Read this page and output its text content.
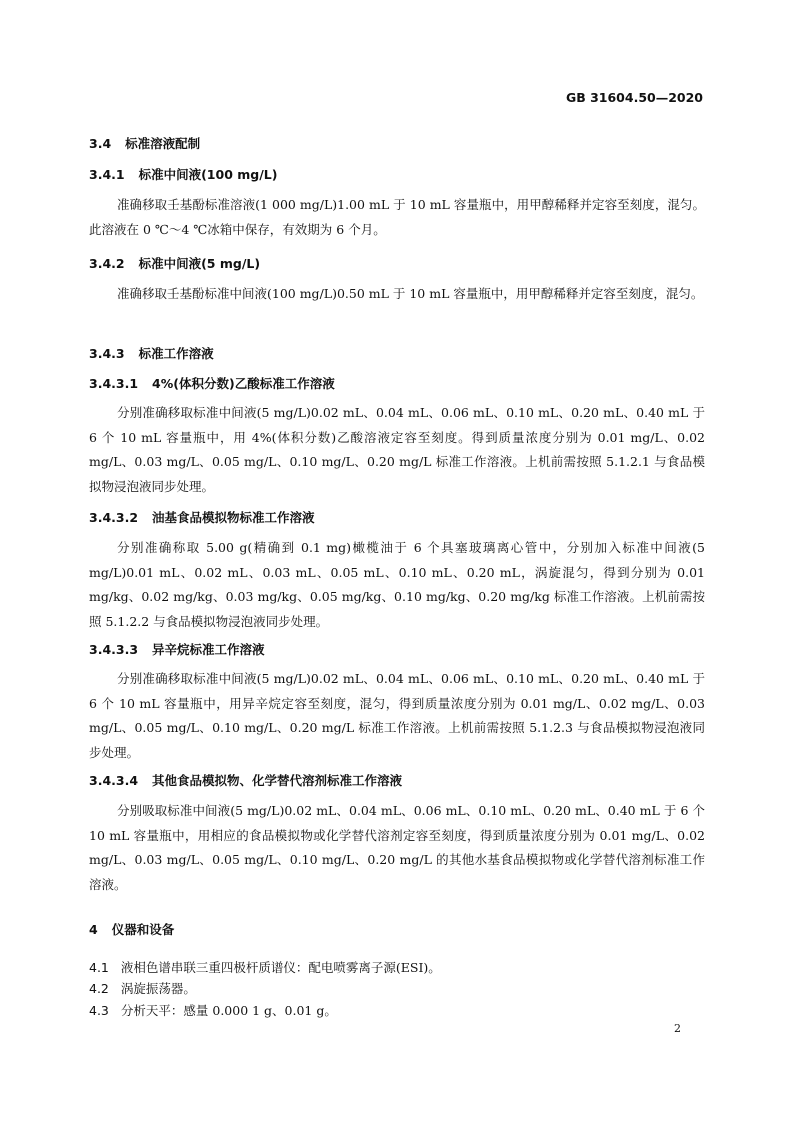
GB 31604.50—2020
3.4 标准溶液配制
3.4.1 标准中间液(100 mg/L)
准确移取壬基酚标准溶液(1 000 mg/L)1.00 mL 于 10 mL 容量瓶中，用甲醇稀释并定容至刻度，混匀。此溶液在 0 ℃～4 ℃冰箱中保存，有效期为 6 个月。
3.4.2 标准中间液(5 mg/L)
准确移取壬基酚标准中间液(100 mg/L)0.50 mL 于 10 mL 容量瓶中，用甲醇稀释并定容至刻度，混匀。
3.4.3 标准工作溶液
3.4.3.1 4%(体积分数)乙酸标准工作溶液
分别准确移取标准中间液(5 mg/L)0.02 mL、0.04 mL、0.06 mL、0.10 mL、0.20 mL、0.40 mL 于 6 个 10 mL 容量瓶中，用 4%(体积分数)乙酸溶液定容至刻度。得到质量浓度分别为 0.01 mg/L、0.02 mg/L、0.03 mg/L、0.05 mg/L、0.10 mg/L、0.20 mg/L 标准工作溶液。上机前需按照 5.1.2.1 与食品模拟物浸泡液同步处理。
3.4.3.2 油基食品模拟物标准工作溶液
分别准确称取 5.00 g(精确到 0.1 mg)橄榄油于 6 个具塞玻璃离心管中，分别加入标准中间液(5 mg/L)0.01 mL、0.02 mL、0.03 mL、0.05 mL、0.10 mL、0.20 mL，涡旋混匀，得到分别为 0.01 mg/kg、0.02 mg/kg、0.03 mg/kg、0.05 mg/kg、0.10 mg/kg、0.20 mg/kg 标准工作溶液。上机前需按照 5.1.2.2 与食品模拟物浸泡液同步处理。
3.4.3.3 异辛烷标准工作溶液
分别准确移取标准中间液(5 mg/L)0.02 mL、0.04 mL、0.06 mL、0.10 mL、0.20 mL、0.40 mL 于 6 个 10 mL 容量瓶中，用异辛烷定容至刻度，混匀，得到质量浓度分别为 0.01 mg/L、0.02 mg/L、0.03 mg/L、0.05 mg/L、0.10 mg/L、0.20 mg/L 标准工作溶液。上机前需按照 5.1.2.3 与食品模拟物浸泡液同步处理。
3.4.3.4 其他食品模拟物、化学替代溶剂标准工作溶液
分别吸取标准中间液(5 mg/L)0.02 mL、0.04 mL、0.06 mL、0.10 mL、0.20 mL、0.40 mL 于 6 个 10 mL 容量瓶中，用相应的食品模拟物或化学替代溶剂定容至刻度，得到质量浓度分别为 0.01 mg/L、0.02 mg/L、0.03 mg/L、0.05 mg/L、0.10 mg/L、0.20 mg/L 的其他水基食品模拟物或化学替代溶剂标准工作溶液。
4 仪器和设备
4.1 液相色谱串联三重四极杆质谱仪：配电喷雾离子源(ESI)。
4.2 涡旋振荡器。
4.3 分析天平：感量 0.000 1 g、0.01 g。
2
